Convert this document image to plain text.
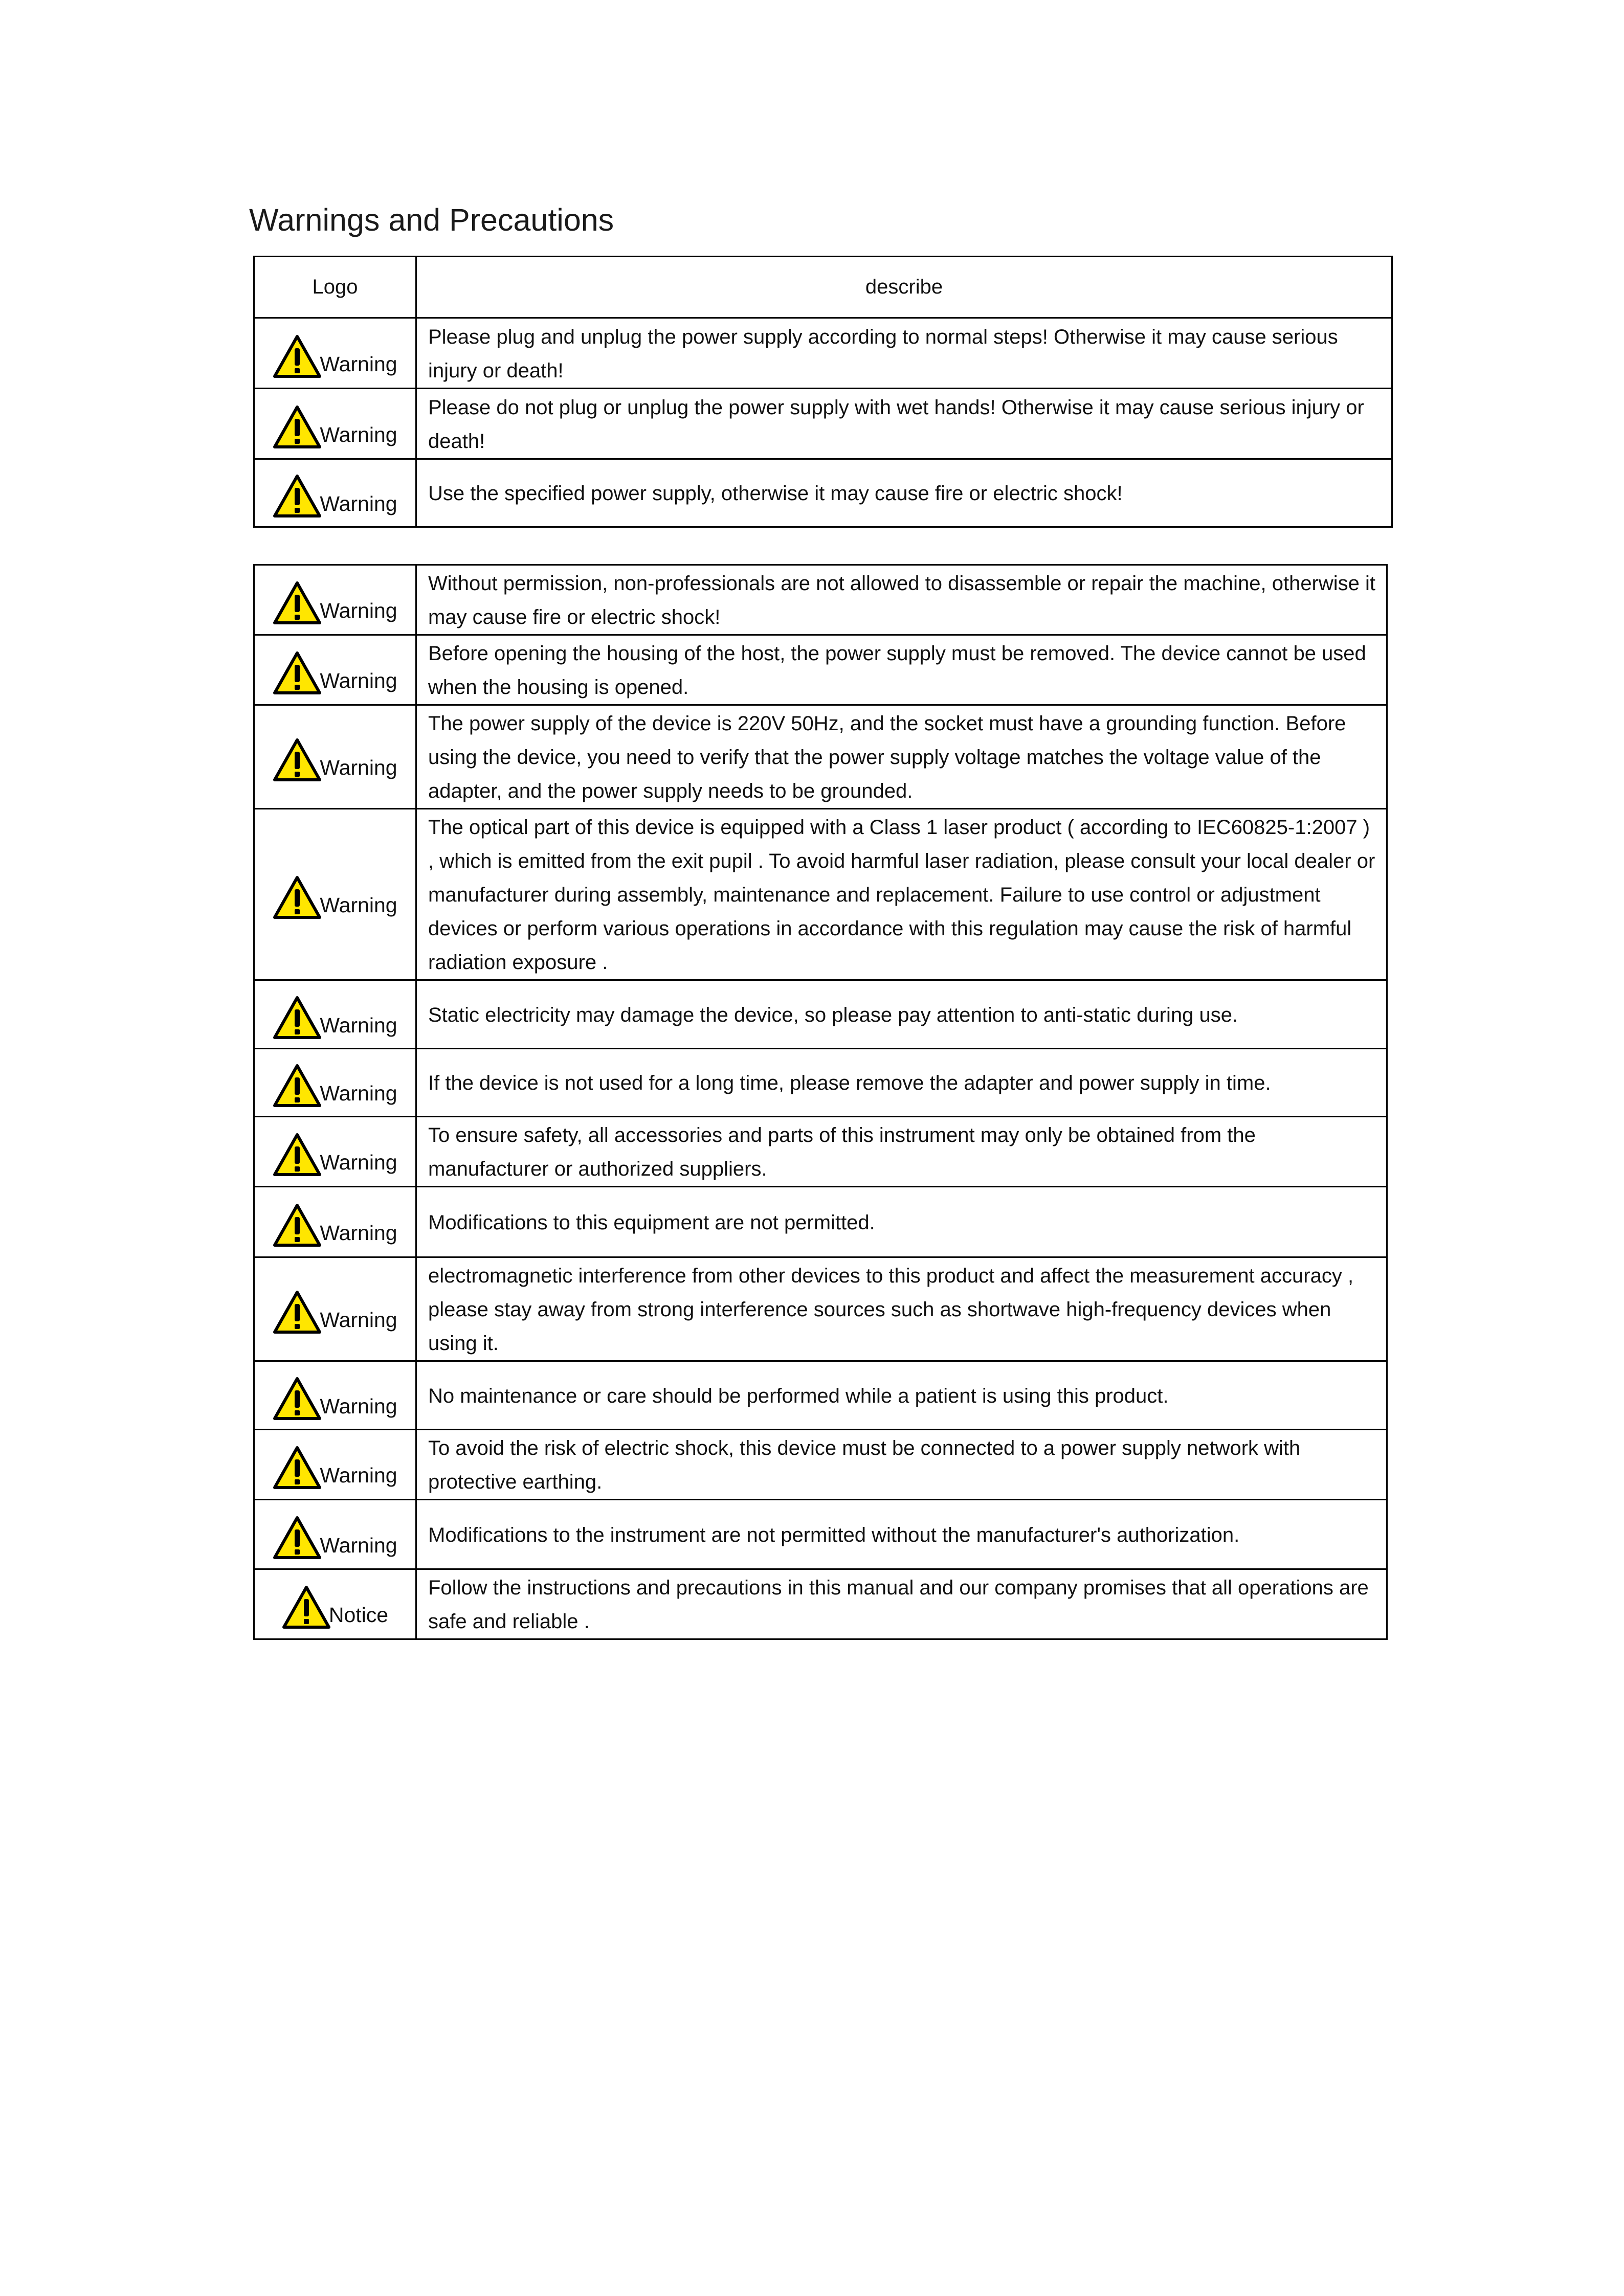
Warnings and Precautions
Logo	describe
Warning	Please plug and unplug the power supply according to normal steps! Otherwise it may cause serious injury or death!

Warning	Please do not plug or unplug the power supply with wet hands! Otherwise it may cause serious injury or death!

Warning	Use the specified power supply, otherwise it may cause fire or electric shock!
Warning	Without permission, non-professionals are not allowed to disassemble or repair the machine, otherwise it may cause fire or electric shock!

Warning	Before opening the housing of the host, the power supply must be removed. The device cannot be used when the housing is opened.

Warning	The power supply of the device is 220V 50Hz, and the socket must have a grounding function. Before using the device, you need to verify that the power supply voltage matches the voltage value of the adapter, and the power supply needs to be grounded.

Warning	The optical part of this device is equipped with a Class 1 laser product ( according to IEC60825-1:2007 ) , which is emitted from the exit pupil . To avoid harmful laser radiation, please consult your local dealer or manufacturer during assembly, maintenance and replacement. Failure to use control or adjustment devices or perform various operations in accordance with this regulation may cause the risk of harmful radiation exposure .

Warning	Static electricity may damage the device, so please pay attention to anti-static during use.

Warning	If the device is not used for a long time, please remove the adapter and power supply in time.

Warning	To ensure safety, all accessories and parts of this instrument may only be obtained from the manufacturer or authorized suppliers.

Warning	Modifications to this equipment are not permitted.

Warning	electromagnetic interference from other devices to this product and affect the measurement accuracy , please stay away from strong interference sources such as shortwave high-frequency devices when using it.

Warning	No maintenance or care should be performed while a patient is using this product.

Warning	To avoid the risk of electric shock, this device must be connected to a power supply network with protective earthing.

Warning	Modifications to the instrument are not permitted without the manufacturer's authorization.

Notice	Follow the instructions and precautions in this manual and our company promises that all operations are safe and reliable .
